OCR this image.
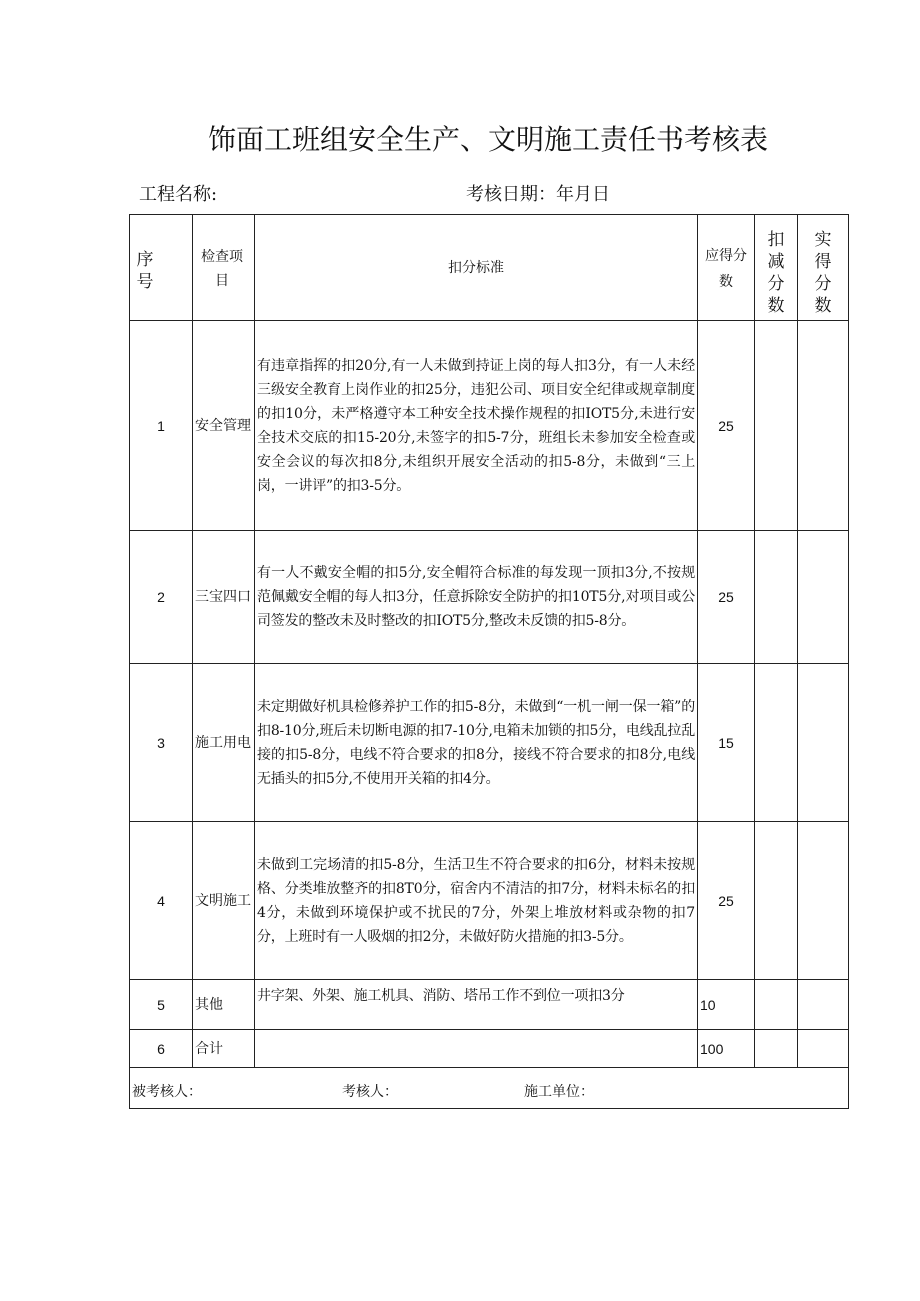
饰面工班组安全生产、文明施工责任书考核表
工程名称:	考核日期：年月日
序号	检查项目	扣分标准	应得分数	扣减分数	实得分数
1	安全管理	有违章指挥的扣20分,有一人未做到持证上岗的每人扣3分，有一人未经三级安全教育上岗作业的扣25分，违犯公司、项目安全纪律或规章制度的扣10分，未严格遵守本工种安全技术操作规程的扣IOT5分,未进行安全技术交底的扣15-20分,未签字的扣5-7分，班组长未参加安全检查或安全会议的每次扣8分,未组织开展安全活动的扣5-8分，未做到“三上岗，一讲评”的扣3-5分。	25		
2	三宝四口	有一人不戴安全帽的扣5分,安全帽符合标准的每发现一顶扣3分,不按规范佩戴安全帽的每人扣3分，任意拆除安全防护的扣10T5分,对项目或公司签发的整改未及时整改的扣IOT5分,整改未反馈的扣5-8分。	25		
3	施工用电	未定期做好机具检修养护工作的扣5-8分，未做到“一机一闸一保一箱”的扣8-10分,班后未切断电源的扣7-10分,电箱未加锁的扣5分，电线乱拉乱接的扣5-8分，电线不符合要求的扣8分，接线不符合要求的扣8分,电线无插头的扣5分,不使用开关箱的扣4分。	15		
4	文明施工	未做到工完场清的扣5-8分，生活卫生不符合要求的扣6分，材料未按规格、分类堆放整齐的扣8T0分，宿舍内不清洁的扣7分，材料未标名的扣4分，未做到环境保护或不扰民的7分，外架上堆放材料或杂物的扣7分，上班时有一人吸烟的扣2分，未做好防火措施的扣3-5分。	25		
5	其他	井字架、外架、施工机具、消防、塔吊工作不到位一项扣3分	10		
6	合计		100		

被考核人： 考核人： 施工单位：					
